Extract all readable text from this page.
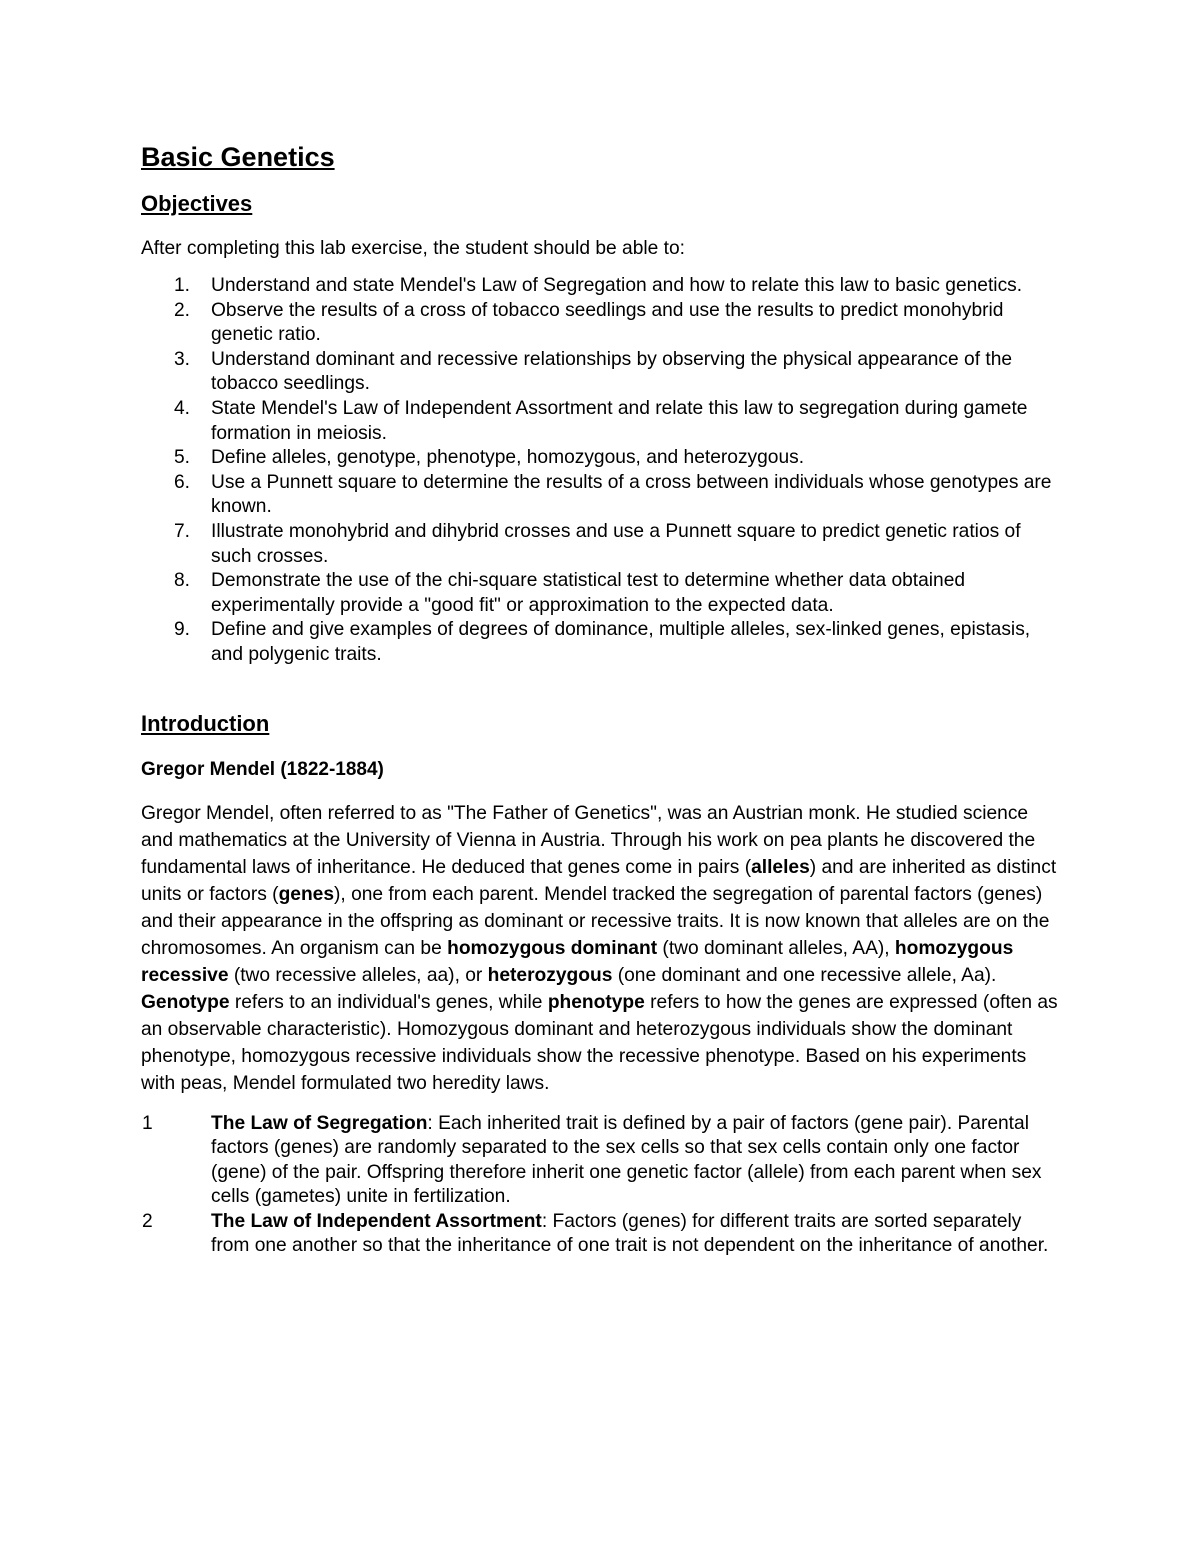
Basic Genetics
Objectives

After completing this lab exercise, the student should be able to:

1. Understand and state Mendel's Law of Segregation and how to relate this law to basic genetics.
2. Observe the results of a cross of tobacco seedlings and use the results to predict monohybrid genetic ratio.
3. Understand dominant and recessive relationships by observing the physical appearance of the tobacco seedlings.
4. State Mendel's Law of Independent Assortment and relate this law to segregation during gamete formation in meiosis.
5. Define alleles, genotype, phenotype, homozygous, and heterozygous.
6. Use a Punnett square to determine the results of a cross between individuals whose genotypes are known.
7. Illustrate monohybrid and dihybrid crosses and use a Punnett square to predict genetic ratios of such crosses.
8. Demonstrate the use of the chi-square statistical test to determine whether data obtained experimentally provide a "good fit" or approximation to the expected data.
9. Define and give examples of degrees of dominance, multiple alleles, sex-linked genes, epistasis, and polygenic traits.
Introduction
Gregor Mendel (1822-1884)

Gregor Mendel, often referred to as "The Father of Genetics", was an Austrian monk. He studied science and mathematics at the University of Vienna in Austria. Through his work on pea plants he discovered the fundamental laws of inheritance. He deduced that genes come in pairs (alleles) and are inherited as distinct units or factors (genes), one from each parent. Mendel tracked the segregation of parental factors (genes) and their appearance in the offspring as dominant or recessive traits. It is now known that alleles are on the chromosomes. An organism can be homozygous dominant (two dominant alleles, AA), homozygous recessive (two recessive alleles, aa), or heterozygous (one dominant and one recessive allele, Aa). Genotype refers to an individual's genes, while phenotype refers to how the genes are expressed (often as an observable characteristic). Homozygous dominant and heterozygous individuals show the dominant phenotype, homozygous recessive individuals show the recessive phenotype. Based on his experiments with peas, Mendel formulated two heredity laws.

1	The Law of Segregation: Each inherited trait is defined by a pair of factors (gene pair). Parental factors (genes) are randomly separated to the sex cells so that sex cells contain only one factor (gene) of the pair. Offspring therefore inherit one genetic factor (allele) from each parent when sex cells (gametes) unite in fertilization.
2	The Law of Independent Assortment: Factors (genes) for different traits are sorted separately from one another so that the inheritance of one trait is not dependent on the inheritance of another.
